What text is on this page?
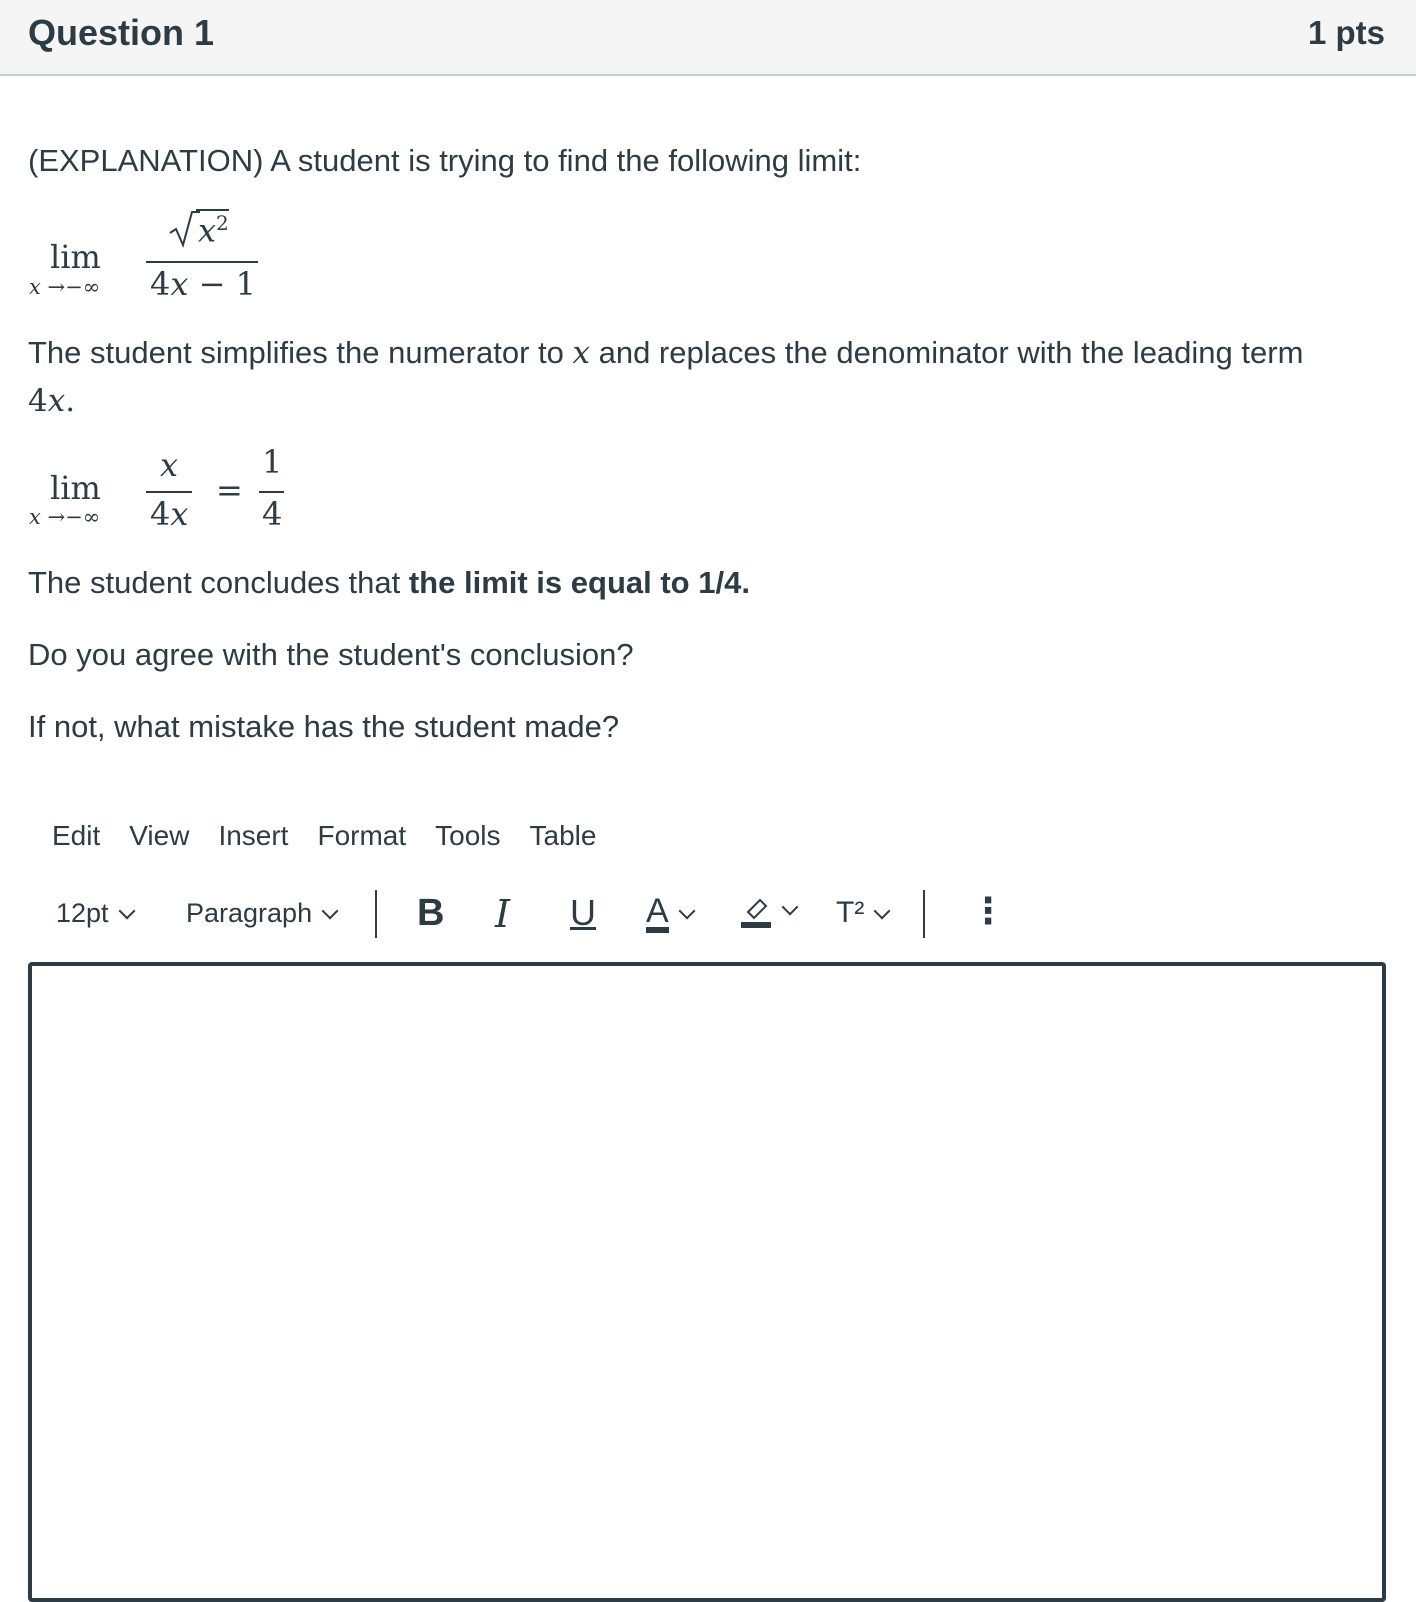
Question 1	1 pts
(EXPLANATION) A student is trying to find the following limit:
lim
x →−∞
$x^2$
4x − 1
The student simplifies the numerator to x and replaces the denominator with the leading term
4x.
lim
x →−∞
x
4x
=
1
4
The student concludes that the limit is equal to 1/4.
Do you agree with the student's conclusion?
If not, what mistake has the student made?
Edit View Insert Format Tools Table
12pt	Paragraph	B I U A	T²	⋮
